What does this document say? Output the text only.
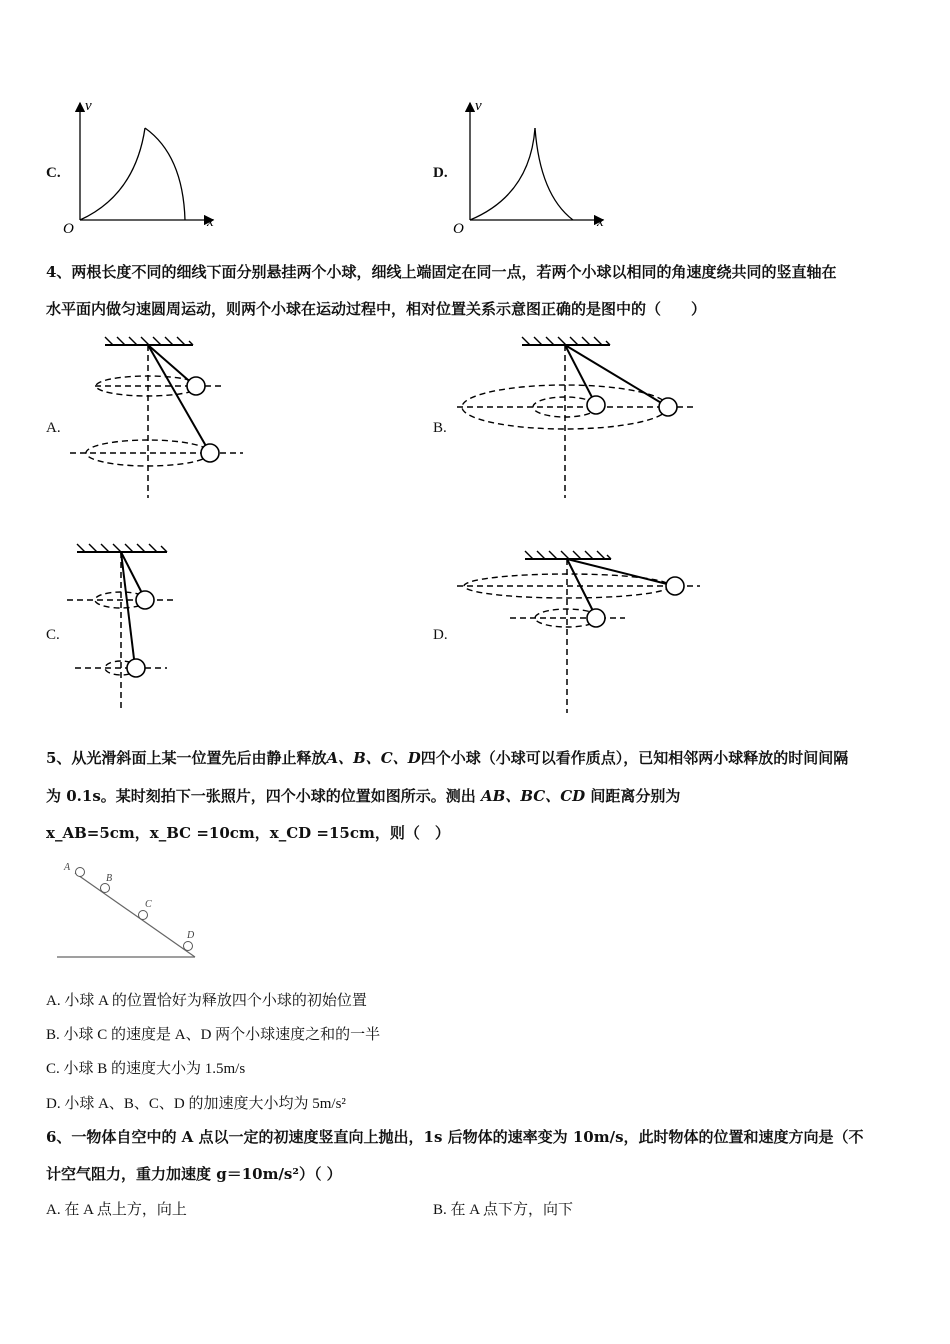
C.
v
x
O
D.
v
x
O
4、两根长度不同的细线下面分别悬挂两个小球，细线上端固定在同一点，若两个小球以相同的角速度绕共同的竖直轴在
水平面内做匀速圆周运动，则两个小球在运动过程中，相对位置关系示意图正确的是图中的（　　）
A.	B.
C.	D.
5、从光滑斜面上某一位置先后由静止释放A、B、C、D四个小球（小球可以看作质点），已知相邻两小球释放的时间间隔
为 0.1s。某时刻拍下一张照片，四个小球的位置如图所示。测出 AB、BC、CD 间距离分别为
x_AB=5cm，x_BC =10cm，x_CD =15cm，则（　）
A
B
C
D
A. 小球 A 的位置恰好为释放四个小球的初始位置
B. 小球 C 的速度是 A、D 两个小球速度之和的一半
C. 小球 B 的速度大小为 1.5m/s
D. 小球 A、B、C、D 的加速度大小均为 5m/s²
6、一物体自空中的 A 点以一定的初速度竖直向上抛出，1s 后物体的速率变为 10m/s，此时物体的位置和速度方向是（不
计空气阻力，重力加速度 g＝10m/s²）（ ）
A. 在 A 点上方，向上	B. 在 A 点下方，向下
